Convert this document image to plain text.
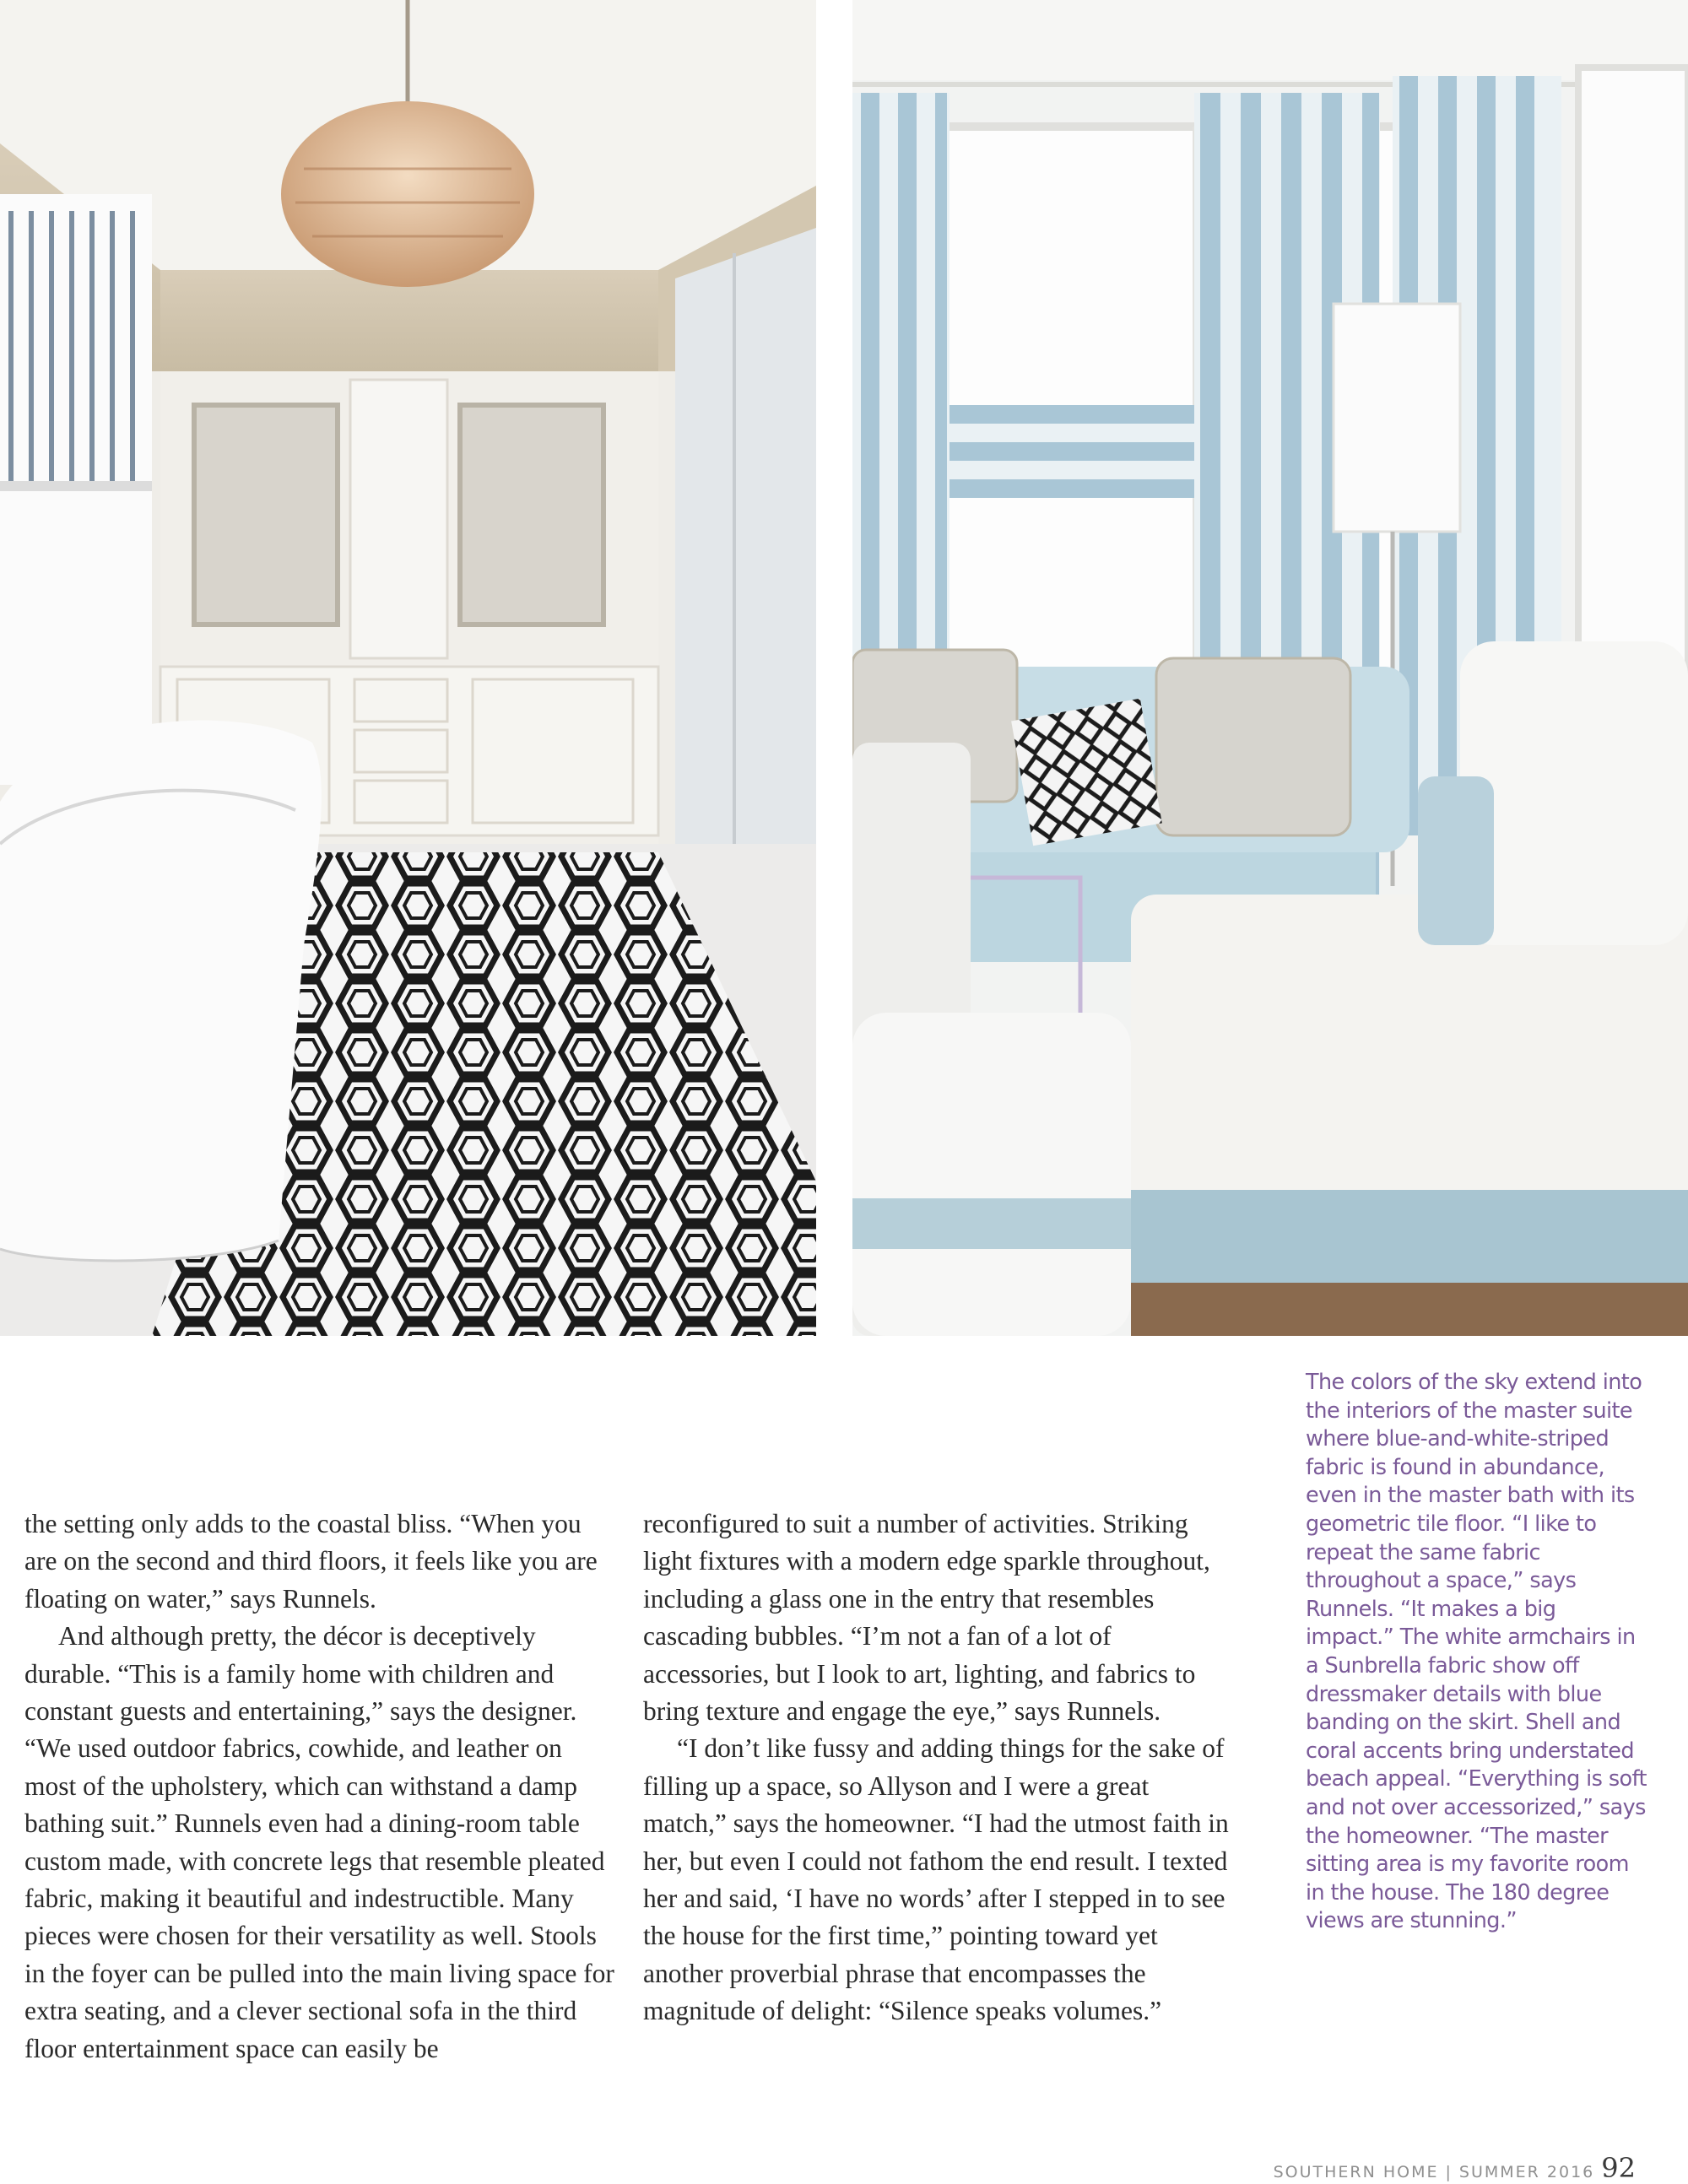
the setting only adds to the coastal bliss. “When you are on the second and third floors, it feels like you are floating on water,” says Runnels.

And although pretty, the décor is deceptively durable. “This is a family home with children and constant guests and entertaining,” says the designer. “We used outdoor fabrics, cowhide, and leather on most of the upholstery, which can withstand a damp bathing suit.” Runnels even had a dining-room table custom made, with concrete legs that resemble pleated fabric, making it beautiful and indestructible. Many pieces were chosen for their versatility as well. Stools in the foyer can be pulled into the main living space for extra seating, and a clever sectional sofa in the third floor entertainment space can easily be

reconfigured to suit a number of activities. Striking light fixtures with a modern edge sparkle throughout, including a glass one in the entry that resembles cascading bubbles. “I’m not a fan of a lot of accessories, but I look to art, lighting, and fabrics to bring texture and engage the eye,” says Runnels.

“I don’t like fussy and adding things for the sake of filling up a space, so Allyson and I were a great match,” says the homeowner. “I had the utmost faith in her, but even I could not fathom the end result. I texted her and said, ‘I have no words’ after I stepped in to see the house for the first time,” pointing toward yet another proverbial phrase that encompasses the magnitude of delight: “Silence speaks volumes.”

The colors of the sky extend into the interiors of the master suite where blue-and-white-striped fabric is found in abundance, even in the master bath with its geometric tile floor. “I like to repeat the same fabric throughout a space,” says Runnels. “It makes a big impact.” The white armchairs in a Sunbrella fabric show off dressmaker details with blue banding on the skirt. Shell and coral accents bring understated beach appeal. “Everything is soft and not over accessorized,” says the homeowner. “The master sitting area is my favorite room in the house. The 180 degree views are stunning.”
SOUTHERN HOME | SUMMER 2016 92
